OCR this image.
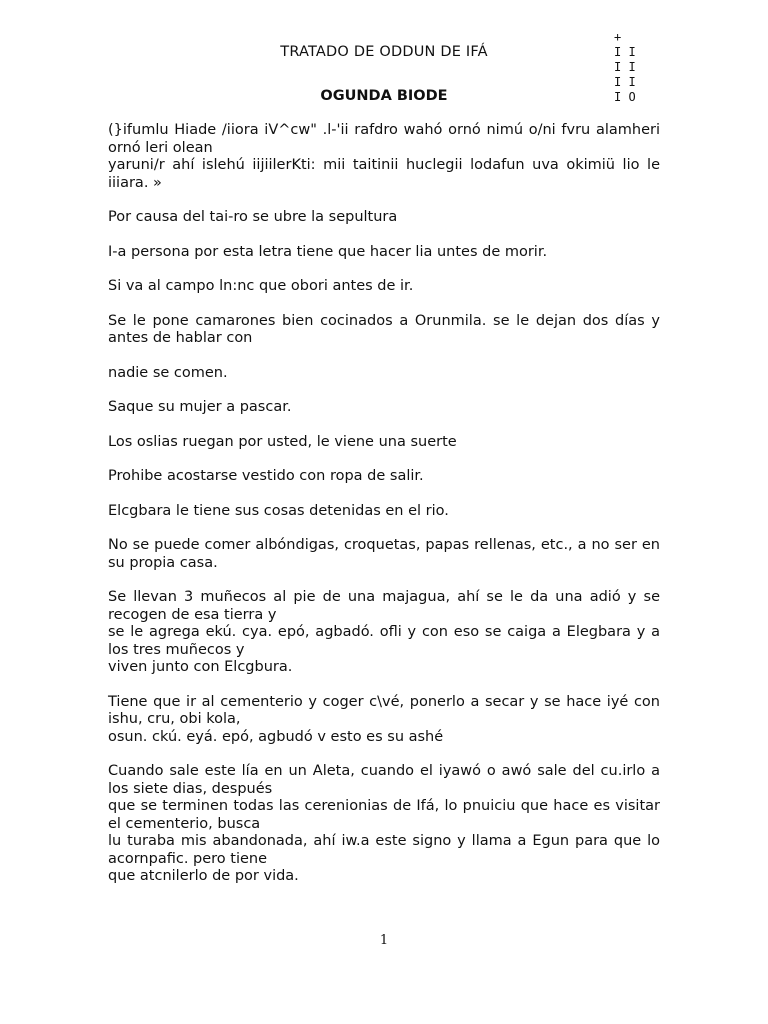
TRATADO DE ODDUN DE IFÁ
+
I I
I I
I I
I O
OGUNDA BIODE

(}ifumlu Hiade /iiora iV^cw" .l-'ii rafdro wahó ornó nimú o/ni fvru alamheri ornó leri olean
yaruni/r ahí islehú iijiilerKti: mii taitinii huclegii lodafun uva okimiü lio le iiiara. »

Por causa del tai-ro se ubre la sepultura

I-a persona por esta letra tiene que hacer lia untes de morir.

Si va al campo ln:nc que obori antes de ir.

Se le pone camarones bien cocinados a Orunmila. se le dejan dos días y antes de hablar con

nadie se comen.

Saque su mujer a pascar.

Los oslias ruegan por usted, le viene una suerte

Prohibe acostarse vestido con ropa de salir.

Elcgbara le tiene sus cosas detenidas en el rio.

No se puede comer albóndigas, croquetas, papas rellenas, etc., a no ser en su propia casa.

Se llevan 3 muñecos al pie de una majagua, ahí se le da una adió y se recogen de esa tierra y
se le agrega ekú. cya. epó, agbadó. ofli y con eso se caiga a Elegbara y a los tres muñecos y
viven junto con Elcgbura.

Tiene que ir al cementerio y coger c\vé, ponerlo a secar y se hace iyé con ishu, cru, obi kola,
osun. ckú. eyá. epó, agbudó v esto es su ashé

Cuando sale este lía en un Aleta, cuando el iyawó o awó sale del cu.irlo a los siete dias, después
que se terminen todas las cerenionias de Ifá, lo pnuiciu que hace es visitar el cementerio, busca
lu turaba mis abandonada, ahí iw.a este signo y llama a Egun para que lo acornpafic. pero tiene
que atcnilerlo de por vida.

1
